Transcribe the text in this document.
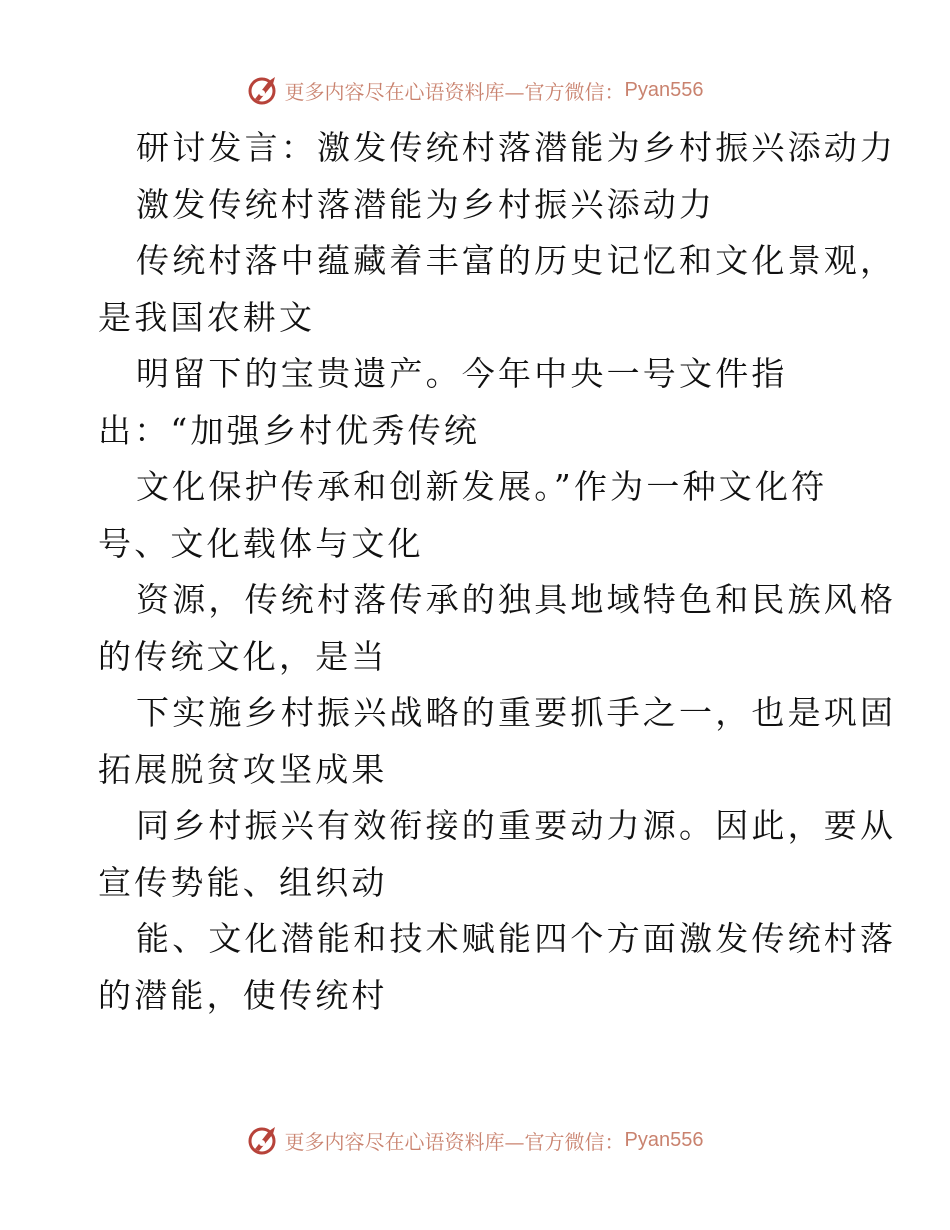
更多内容尽在心语资料库— 官方微信： Pyan556
研讨发言：激发传统村落潜能为乡村振兴添动力
激发传统村落潜能为乡村振兴添动力
传统村落中蕴藏着丰富的历史记忆和文化景观，
是我国农耕文
明留下的宝贵遗产。今年中央一号文件指
出：“加强乡村优秀传统
文化保护传承和创新发展。”作为一种文化符
号、文化载体与文化
资源，传统村落传承的独具地域特色和民族风格
的传统文化，是当
下实施乡村振兴战略的重要抓手之一，也是巩固
拓展脱贫攻坚成果
同乡村振兴有效衔接的重要动力源。因此，要从
宣传势能、组织动
能、文化潜能和技术赋能四个方面激发传统村落
的潜能，使传统村
更多内容尽在心语资料库— 官方微信： Pyan556
